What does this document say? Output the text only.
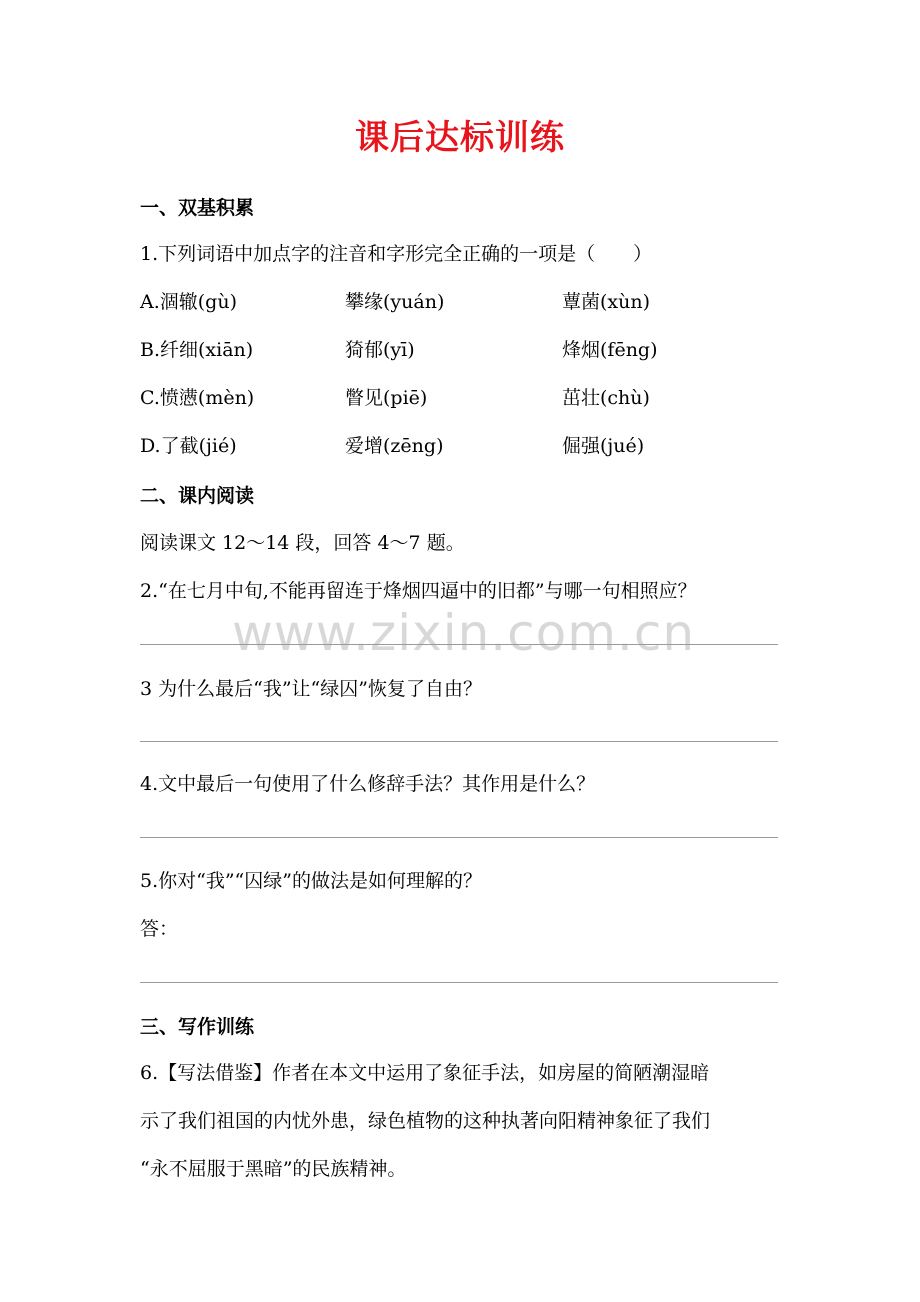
课后达标训练
一、双基积累
1.下列词语中加点字的注音和字形完全正确的一项是（　　）
A.涸辙(gù)	攀缘(yuán)	蕈菌(xùn)
B.纤细(xiān)	猗郁(yī)	烽烟(fēng)
C.愤懑(mèn)	瞥见(piē)	茁壮(chù)
D.了截(jié)	爱增(zēng)	倔强(jué)
二、课内阅读
阅读课文 12～14 段，回答 4～7 题。
2.“在七月中旬,不能再留连于烽烟四逼中的旧都”与哪一句相照应？
www.zixin.com.cn
3 为什么最后“我”让“绿囚”恢复了自由？
4.文中最后一句使用了什么修辞手法？其作用是什么？
5.你对“我”“囚绿”的做法是如何理解的？
答：
三、写作训练
6.【写法借鉴】作者在本文中运用了象征手法，如房屋的简陋潮湿暗
示了我们祖国的内忧外患，绿色植物的这种执著向阳精神象征了我们
“永不屈服于黑暗”的民族精神。
